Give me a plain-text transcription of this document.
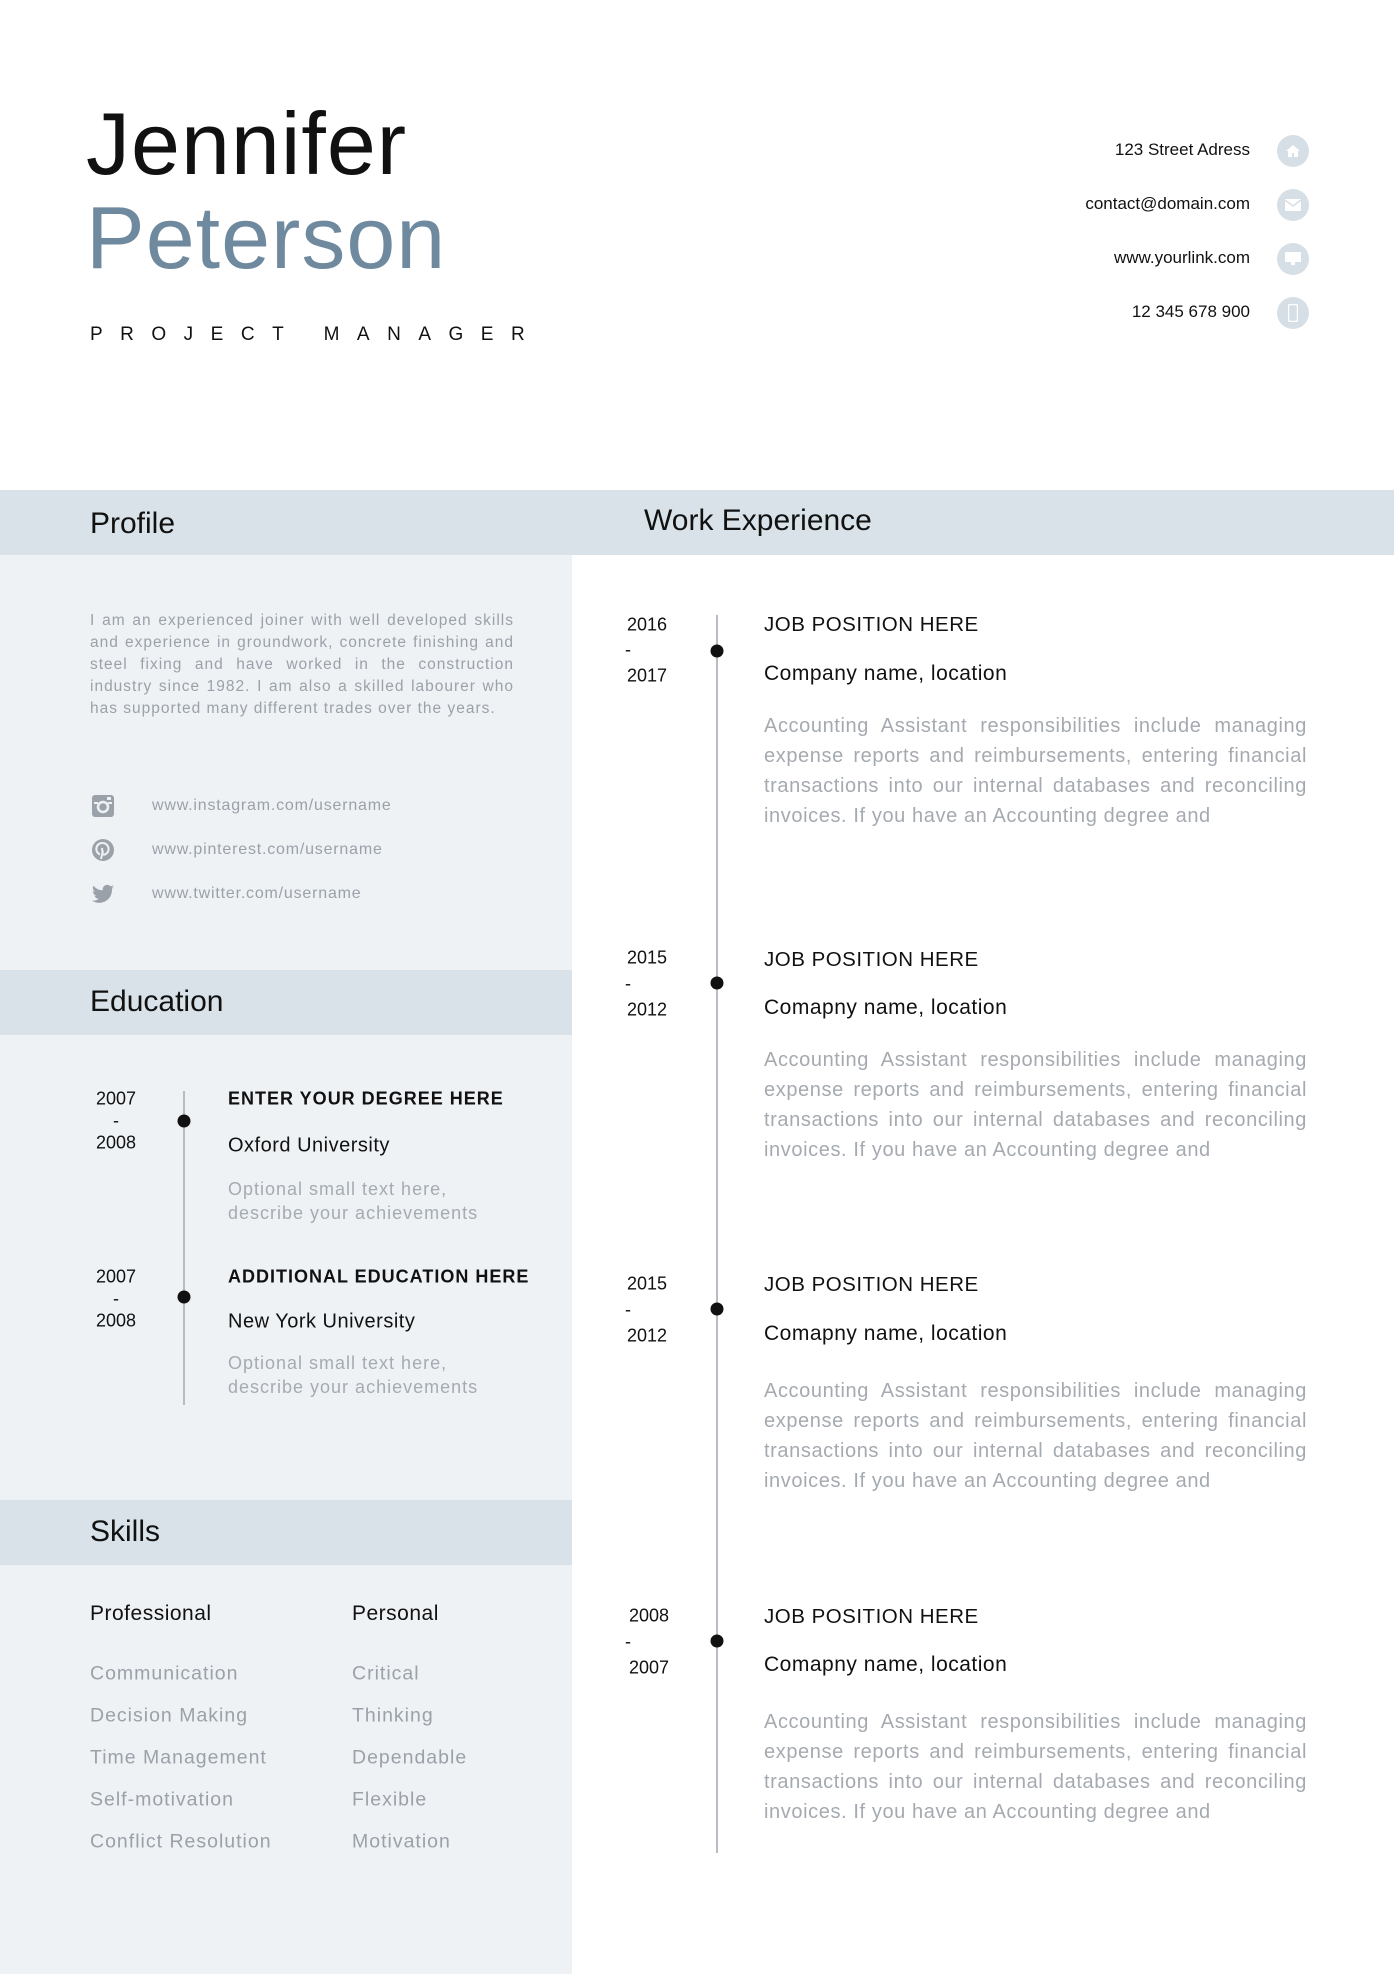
Jennifer
Peterson
PROJECT MANAGER
123 Street Adress
contact@domain.com
www.yourlink.com
12 345 678 900
Profile	Work Experience
I am an experienced joiner with well developed skills and experience in groundwork, concrete finishing and steel fixing and have worked in the construction industry since 1982. I am also a skilled labourer who has supported many different trades over the years.
www.instagram.com/username
www.pinterest.com/username
www.twitter.com/username
Education
2007
-
2008
ENTER YOUR DEGREE HERE
Oxford University
Optional small text here,
describe your achievements
2007
-
2008
ADDITIONAL EDUCATION HERE
New York University
Optional small text here,
describe your achievements
Skills
Professional	Personal
Communication
Decision Making
Time Management
Self-motivation
Conflict Resolution
Critical
Thinking
Dependable
Flexible
Motivation
2016
-
2017
JOB POSITION HERE
Company name, location
Accounting Assistant responsibilities include managing expense reports and reimbursements, entering financial transactions into our internal databases and reconciling invoices. If you have an Accounting degree and
2015
-
2012
JOB POSITION HERE
Comapny name, location
Accounting Assistant responsibilities include managing expense reports and reimbursements, entering financial transactions into our internal databases and reconciling invoices. If you have an Accounting degree and
2015
-
2012
JOB POSITION HERE
Comapny name, location
Accounting Assistant responsibilities include managing expense reports and reimbursements, entering financial transactions into our internal databases and reconciling invoices. If you have an Accounting degree and
2008
-
2007
JOB POSITION HERE
Comapny name, location
Accounting Assistant responsibilities include managing expense reports and reimbursements, entering financial transactions into our internal databases and reconciling invoices. If you have an Accounting degree and
